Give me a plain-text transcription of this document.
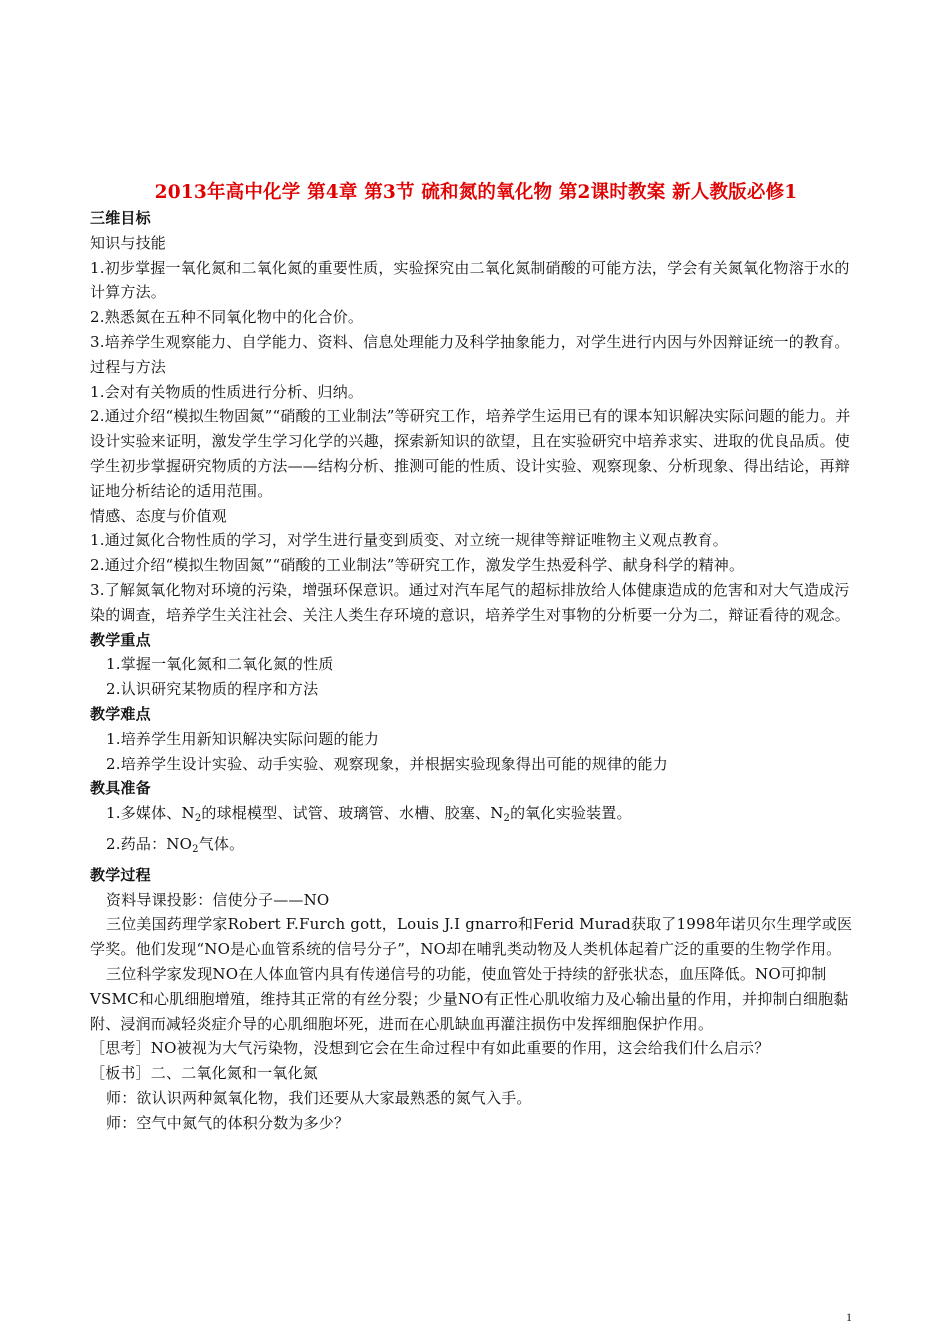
2013年高中化学 第4章 第3节 硫和氮的氧化物 第2课时教案 新人教版必修1
三维目标
知识与技能
1.初步掌握一氧化氮和二氧化氮的重要性质，实验探究由二氧化氮制硝酸的可能方法，学会有关氮氧化物溶于水的计算方法。
2.熟悉氮在五种不同氧化物中的化合价。
3.培养学生观察能力、自学能力、资料、信息处理能力及科学抽象能力，对学生进行内因与外因辩证统一的教育。
过程与方法
1.会对有关物质的性质进行分析、归纳。
2.通过介绍“模拟生物固氮”“硝酸的工业制法”等研究工作，培养学生运用已有的课本知识解决实际问题的能力。并设计实验来证明，激发学生学习化学的兴趣，探索新知识的欲望，且在实验研究中培养求实、进取的优良品质。使学生初步掌握研究物质的方法——结构分析、推测可能的性质、设计实验、观察现象、分析现象、得出结论，再辩证地分析结论的适用范围。
情感、态度与价值观
1.通过氮化合物性质的学习，对学生进行量变到质变、对立统一规律等辩证唯物主义观点教育。
2.通过介绍“模拟生物固氮”“硝酸的工业制法”等研究工作，激发学生热爱科学、献身科学的精神。
3.了解氮氧化物对环境的污染，增强环保意识。通过对汽车尾气的超标排放给人体健康造成的危害和对大气造成污染的调查，培养学生关注社会、关注人类生存环境的意识，培养学生对事物的分析要一分为二，辩证看待的观念。
教学重点
1.掌握一氧化氮和二氧化氮的性质
2.认识研究某物质的程序和方法
教学难点
1.培养学生用新知识解决实际问题的能力
2.培养学生设计实验、动手实验、观察现象，并根据实验现象得出可能的规律的能力
教具准备
1.多媒体、$N_2$的球棍模型、试管、玻璃管、水槽、胶塞、$N_2$的氧化实验装置。
2.药品：$NO_2$气体。
教学过程
资料导课投影：信使分子——NO
三位美国药理学家Robert F.Furch gott，Louis J.I gnarro和Ferid Murad获取了1998年诺贝尔生理学或医学奖。他们发现“NO是心血管系统的信号分子”，NO却在哺乳类动物及人类机体起着广泛的重要的生物学作用。
三位科学家发现NO在人体血管内具有传递信号的功能，使血管处于持续的舒张状态，血压降低。NO可抑制VSMC和心肌细胞增殖，维持其正常的有丝分裂；少量NO有正性心肌收缩力及心输出量的作用，并抑制白细胞黏附、浸润而减轻炎症介导的心肌细胞坏死，进而在心肌缺血再灌注损伤中发挥细胞保护作用。
［思考］NO被视为大气污染物，没想到它会在生命过程中有如此重要的作用，这会给我们什么启示？
［板书］二、二氧化氮和一氧化氮
师：欲认识两种氮氧化物，我们还要从大家最熟悉的氮气入手。
师：空气中氮气的体积分数为多少？
1
